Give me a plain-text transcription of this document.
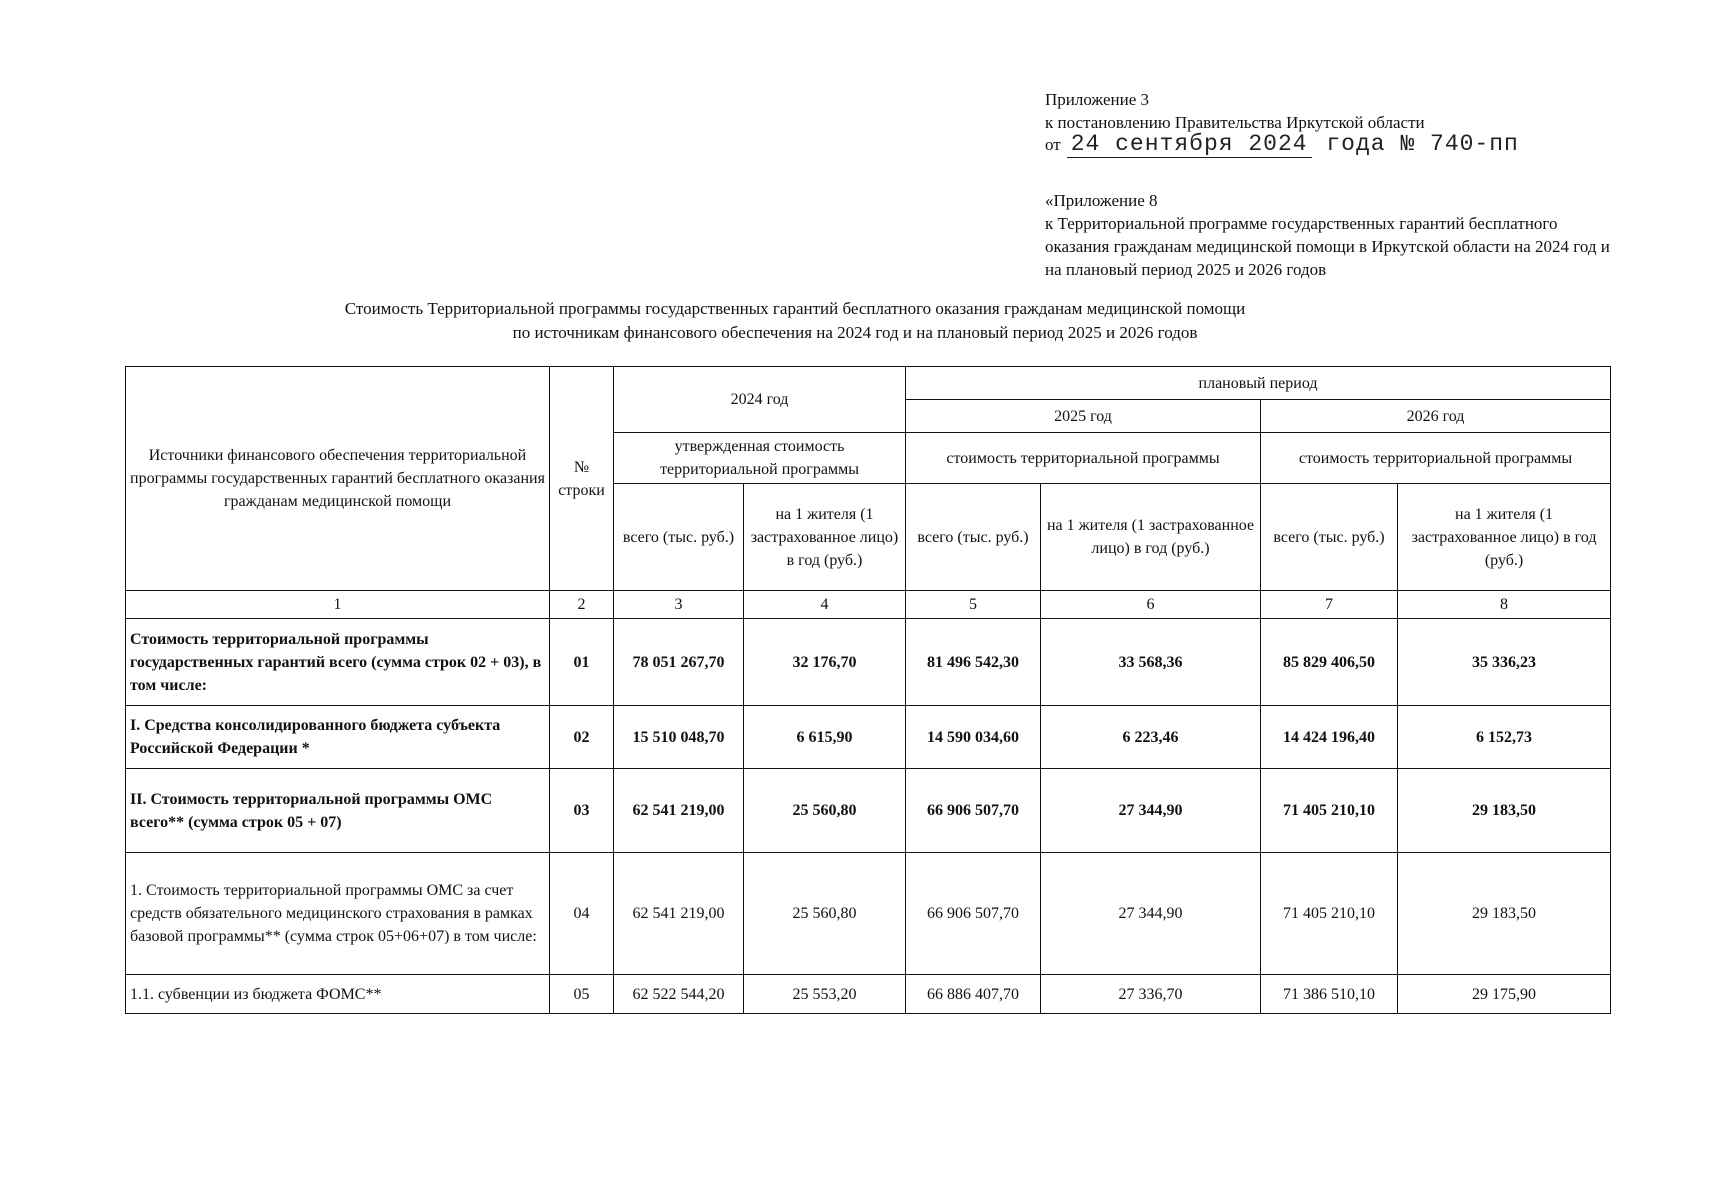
Приложение 3
к постановлению Правительства Иркутской области
от 24 сентября 2024 года № 740-пп
«Приложение 8
к Территориальной программе государственных гарантий бесплатного оказания гражданам медицинской помощи в Иркутской области на 2024 год и на плановый период 2025 и 2026 годов
Стоимость Территориальной программы государственных гарантий бесплатного оказания гражданам медицинской помощи
по источникам финансового обеспечения на 2024 год и на плановый период 2025 и 2026 годов
Источники финансового обеспечения территориальной программы государственных гарантий бесплатного оказания гражданам медицинской помощи	№ строки	2024 год		плановый период			
				2025 год		2026 год	
		утвержденная стоимость территориальной программы		стоимость территориальной программы		стоимость территориальной программы	
		всего (тыс. руб.)	на 1 жителя (1 застрахованное лицо) в год (руб.)	всего (тыс. руб.)	на 1 жителя (1 застрахованное лицо) в год (руб.)	всего (тыс. руб.)	на 1 жителя (1 застрахованное лицо) в год (руб.)
1	2	3	4	5	6	7	8
Стоимость территориальной программы государственных гарантий всего (сумма строк 02 + 03), в том числе:	01	78 051 267,70	32 176,70	81 496 542,30	33 568,36	85 829 406,50	35 336,23
I. Средства консолидированного бюджета субъекта Российской Федерации *	02	15 510 048,70	6 615,90	14 590 034,60	6 223,46	14 424 196,40	6 152,73
II. Стоимость территориальной программы ОМС всего** (сумма строк 05 + 07)	03	62 541 219,00	25 560,80	66 906 507,70	27 344,90	71 405 210,10	29 183,50
1. Стоимость территориальной программы ОМС за счет средств обязательного медицинского страхования в рамках базовой программы** (сумма строк 05+06+07) в том числе:	04	62 541 219,00	25 560,80	66 906 507,70	27 344,90	71 405 210,10	29 183,50
1.1. субвенции из бюджета ФОМС**	05	62 522 544,20	25 553,20	66 886 407,70	27 336,70	71 386 510,10	29 175,90
